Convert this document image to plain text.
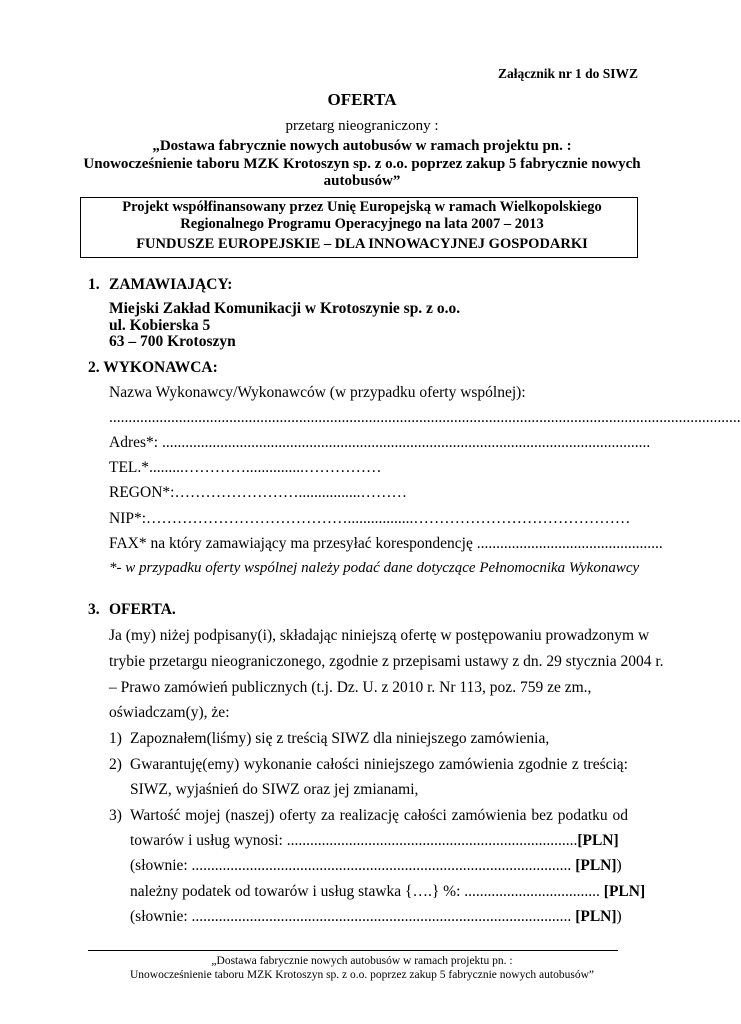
Załącznik nr 1 do SIWZ
OFERTA
przetarg nieograniczony :
„Dostawa fabrycznie nowych autobusów w ramach projektu pn. :
Unowocześnienie taboru MZK Krotoszyn sp. z o.o. poprzez zakup 5 fabrycznie nowych
autobusów”
Projekt współfinansowany przez Unię Europejską w ramach Wielkopolskiego
Regionalnego Programu Operacyjnego na lata 2007 – 2013
FUNDUSZE EUROPEJSKIE – DLA INNOWACYJNEJ GOSPODARKI
1. ZAMAWIAJĄCY:
Miejski Zakład Komunikacji w Krotoszynie sp. z o.o.
ul. Kobierska 5
63 – 700 Krotoszyn
2. WYKONAWCA:
Nazwa Wykonawcy/Wykonawców (w przypadku oferty wspólnej):
...................................................................................................................................................................
Adres*: ..............................................................................................................................
TEL.*.........…………...............……………
REGON*:……………………................………
NIP*:………………………………….................……………………………………
FAX* na który zamawiający ma przesyłać korespondencję ................................................
*- w przypadku oferty wspólnej należy podać dane dotyczące Pełnomocnika Wykonawcy
3. OFERTA.
Ja (my) niżej podpisany(i), składając niniejszą ofertę w postępowaniu prowadzonym w
trybie przetargu nieograniczonego, zgodnie z przepisami ustawy z dn. 29 stycznia 2004 r.
– Prawo zamówień publicznych (t.j. Dz. U. z 2010 r. Nr 113, poz. 759 ze zm.,
oświadczam(y), że:
1) Zapoznałem(liśmy) się z treścią SIWZ dla niniejszego zamówienia,
2) Gwarantuję(emy) wykonanie całości niniejszego zamówienia zgodnie z treścią:
SIWZ, wyjaśnień do SIWZ oraz jej zmianami,
3) Wartość mojej (naszej) oferty za realizację całości zamówienia bez podatku od
towarów i usług wynosi: ...........................................................................[PLN]
(słownie: .................................................................................................. [PLN])
należny podatek od towarów i usług stawka {….} %: ................................... [PLN]
(słownie: .................................................................................................. [PLN])
„Dostawa fabrycznie nowych autobusów w ramach projektu pn. :
Unowocześnienie taboru MZK Krotoszyn sp. z o.o. poprzez zakup 5 fabrycznie nowych autobusów”
